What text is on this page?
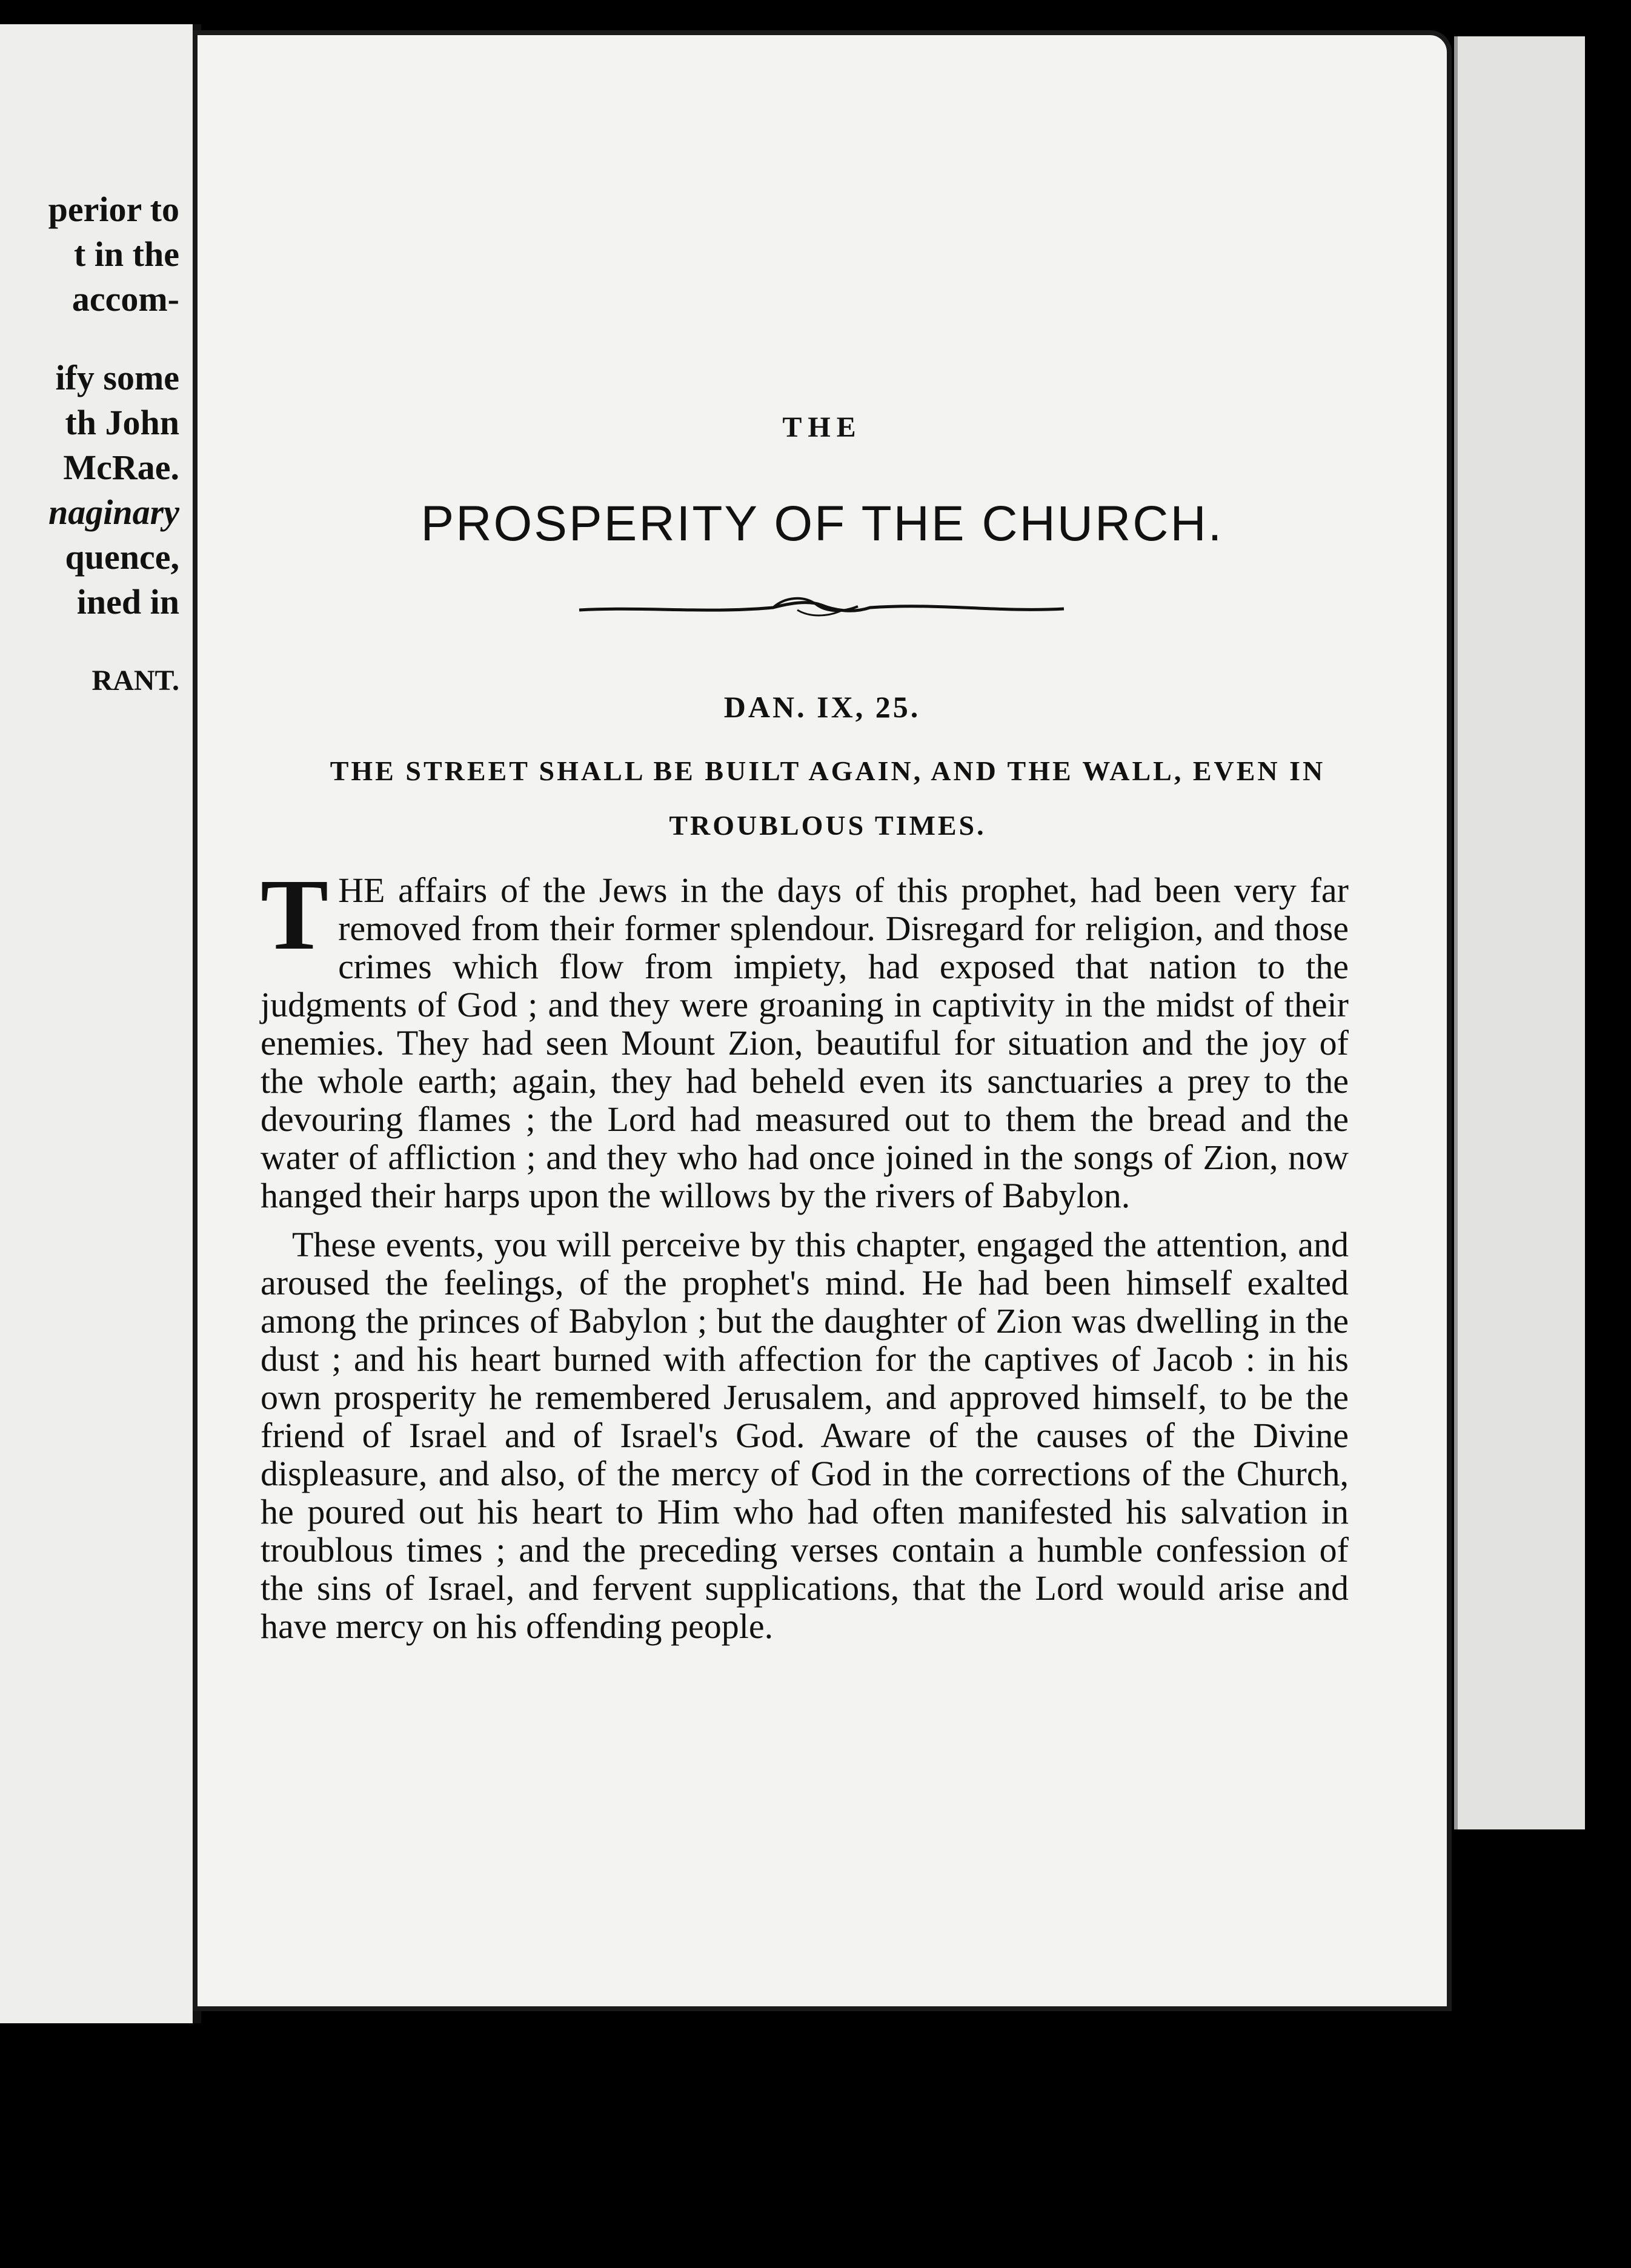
perior to
t in the
accom-
ify some
th John
McRae.
naginary
quence,
ined in
RANT.
THE
PROSPERITY OF THE CHURCH.
DAN. IX, 25.
THE STREET SHALL BE BUILT AGAIN, AND THE WALL, EVEN IN
TROUBLOUS TIMES.

THE affairs of the Jews in the days of this prophet, had been very far removed from their former splendour. Disregard for religion, and those crimes which flow from impiety, had exposed that nation to the judgments of God ; and they were groaning in captivity in the midst of their enemies. They had seen Mount Zion, beautiful for situation and the joy of the whole earth; again, they had beheld even its sanctuaries a prey to the devouring flames ; the Lord had measured out to them the bread and the water of affliction ; and they who had once joined in the songs of Zion, now hanged their harps upon the willows by the rivers of Babylon.

These events, you will perceive by this chapter, engaged the attention, and aroused the feelings, of the prophet's mind. He had been himself exalted among the princes of Babylon ; but the daughter of Zion was dwelling in the dust ; and his heart burned with affection for the captives of Jacob : in his own prosperity he remembered Jerusalem, and approved himself, to be the friend of Israel and of Israel's God. Aware of the causes of the Divine displeasure, and also, of the mercy of God in the corrections of the Church, he poured out his heart to Him who had often manifested his salvation in troublous times ; and the preceding verses contain a humble confession of the sins of Israel, and fervent supplications, that the Lord would arise and have mercy on his offending people.
